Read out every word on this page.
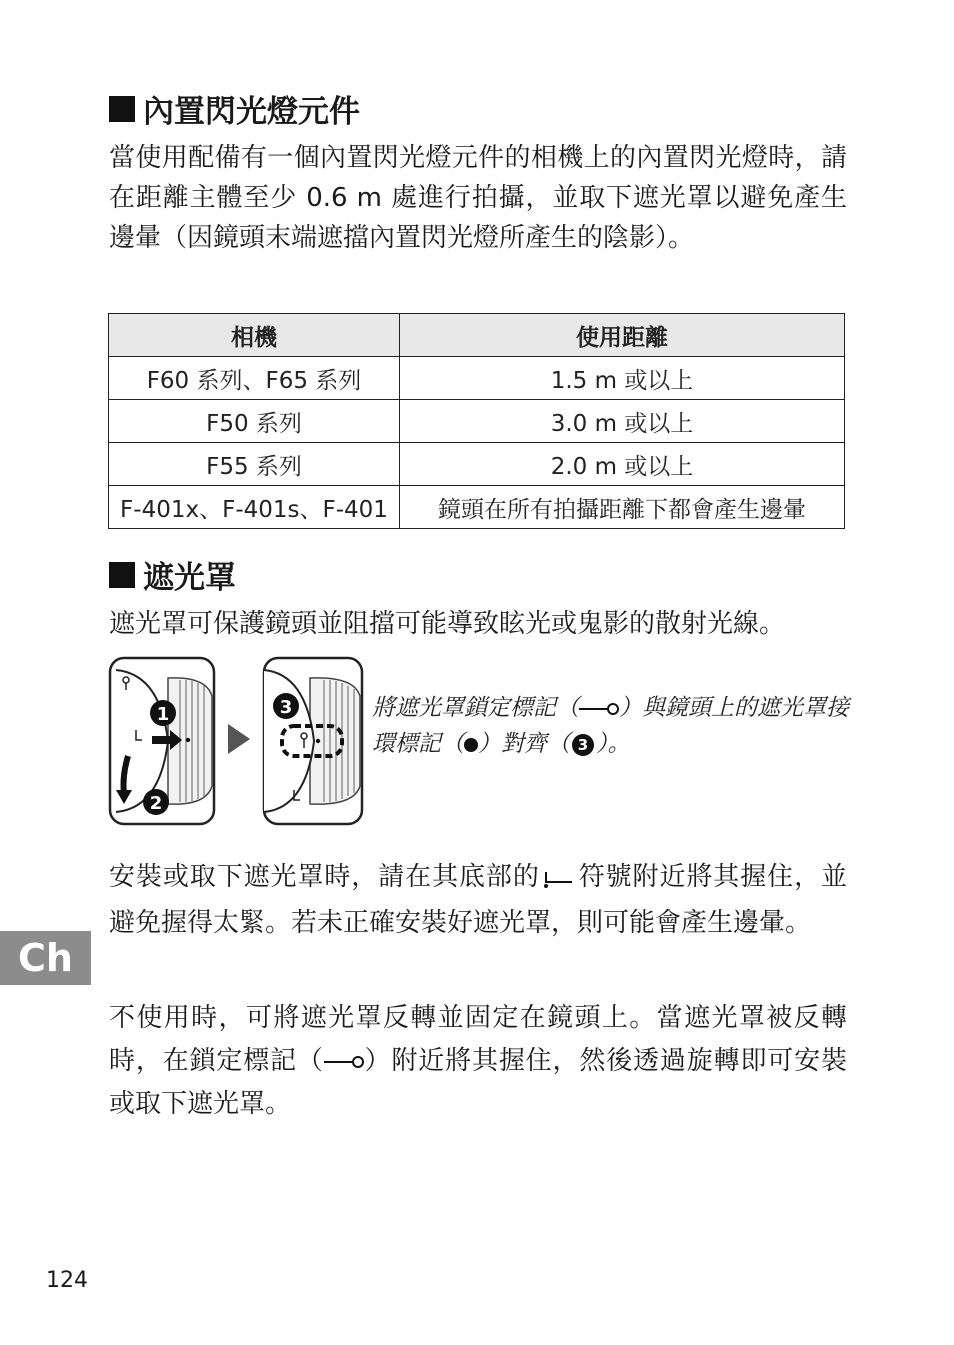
內置閃光燈元件
當使用配備有一個內置閃光燈元件的相機上的內置閃光燈時，請在距離主體至少 0.6 m 處進行拍攝，並取下遮光罩以避免產生邊暈（因鏡頭末端遮擋內置閃光燈所產生的陰影）。
相機	使用距離
F60 系列、F65 系列	1.5 m 或以上
F50 系列	3.0 m 或以上
F55 系列	2.0 m 或以上
F-401x、F-401s、F-401	鏡頭在所有拍攝距離下都會產生邊暈
遮光罩
遮光罩可保護鏡頭並阻擋可能導致眩光或鬼影的散射光線。
1
2
3	將遮光罩鎖定標記（ ）與鏡頭上的遮光罩接環標記（ ）對齊（ 3 ）。
安裝或取下遮光罩時，請在其底部的 符號附近將其握住，並避免握得太緊。若未正確安裝好遮光罩，則可能會產生邊暈。
不使用時，可將遮光罩反轉並固定在鏡頭上。當遮光罩被反轉時，在鎖定標記（ ）附近將其握住，然後透過旋轉即可安裝或取下遮光罩。
Ch
124
